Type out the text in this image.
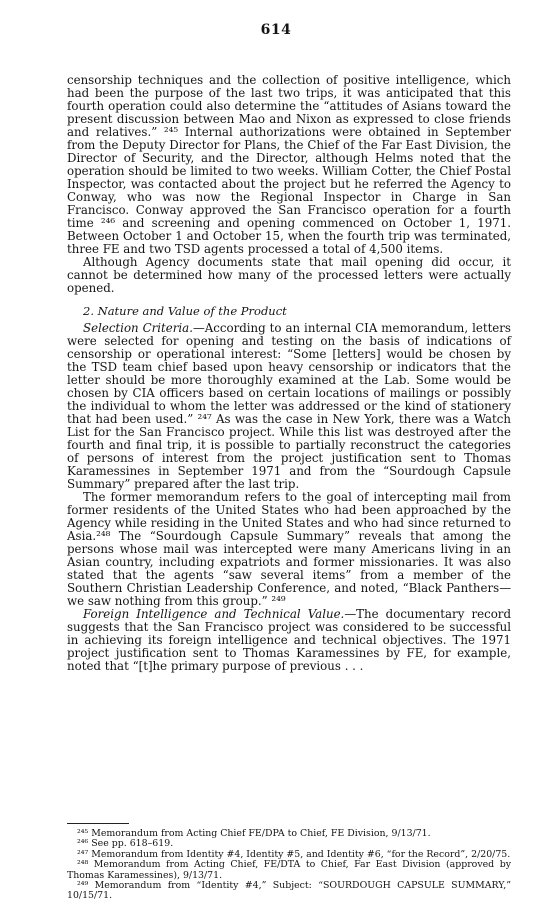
614

censorship techniques and the collection of positive intelligence, which had been the purpose of the last two trips, it was anticipated that this fourth operation could also determine the “attitudes of Asians toward the present discussion between Mao and Nixon as expressed to close friends and relatives.” ²⁴⁵ Internal authorizations were obtained in September from the Deputy Director for Plans, the Chief of the Far East Division, the Director of Security, and the Director, although Helms noted that the operation should be limited to two weeks. William Cotter, the Chief Postal Inspector, was contacted about the project but he referred the Agency to Conway, who was now the Regional Inspector in Charge in San Francisco. Conway approved the San Francisco operation for a fourth time ²⁴⁶ and screening and opening commenced on October 1, 1971. Between October 1 and October 15, when the fourth trip was terminated, three FE and two TSD agents processed a total of 4,500 items.

Although Agency documents state that mail opening did occur, it cannot be determined how many of the processed letters were actually opened.

2. Nature and Value of the Product

Selection Criteria.—According to an internal CIA memorandum, letters were selected for opening and testing on the basis of indications of censorship or operational interest: “Some [letters] would be chosen by the TSD team chief based upon heavy censorship or indicators that the letter should be more thoroughly examined at the Lab. Some would be chosen by CIA officers based on certain locations of mailings or possibly the individual to whom the letter was addressed or the kind of stationery that had been used.” ²⁴⁷ As was the case in New York, there was a Watch List for the San Francisco project. While this list was destroyed after the fourth and final trip, it is possible to partially reconstruct the categories of persons of interest from the project justification sent to Thomas Karamessines in September 1971 and from the “Sourdough Capsule Summary” prepared after the last trip.

The former memorandum refers to the goal of intercepting mail from former residents of the United States who had been approached by the Agency while residing in the United States and who had since returned to Asia.²⁴⁸ The “Sourdough Capsule Summary” reveals that among the persons whose mail was intercepted were many Americans living in an Asian country, including expatriots and former missionaries. It was also stated that the agents “saw several items” from a member of the Southern Christian Leadership Conference, and noted, “Black Panthers—we saw nothing from this group.” ²⁴⁹

Foreign Intelligence and Technical Value.—The documentary record suggests that the San Francisco project was considered to be successful in achieving its foreign intelligence and technical objectives. The 1971 project justification sent to Thomas Karamessines by FE, for example, noted that “[t]he primary purpose of previous . . .

²⁴⁵ Memorandum from Acting Chief FE/DPA to Chief, FE Division, 9/13/71.

²⁴⁶ See pp. 618–619.

²⁴⁷ Memorandum from Identity #4, Identity #5, and Identity #6, “for the Record”, 2/20/75.

²⁴⁸ Memorandum from Acting Chief, FE/DTA to Chief, Far East Division (approved by Thomas Karamessines), 9/13/71.

²⁴⁹ Memorandum from “Identity #4,” Subject: “SOURDOUGH CAPSULE SUMMARY,” 10/15/71.
